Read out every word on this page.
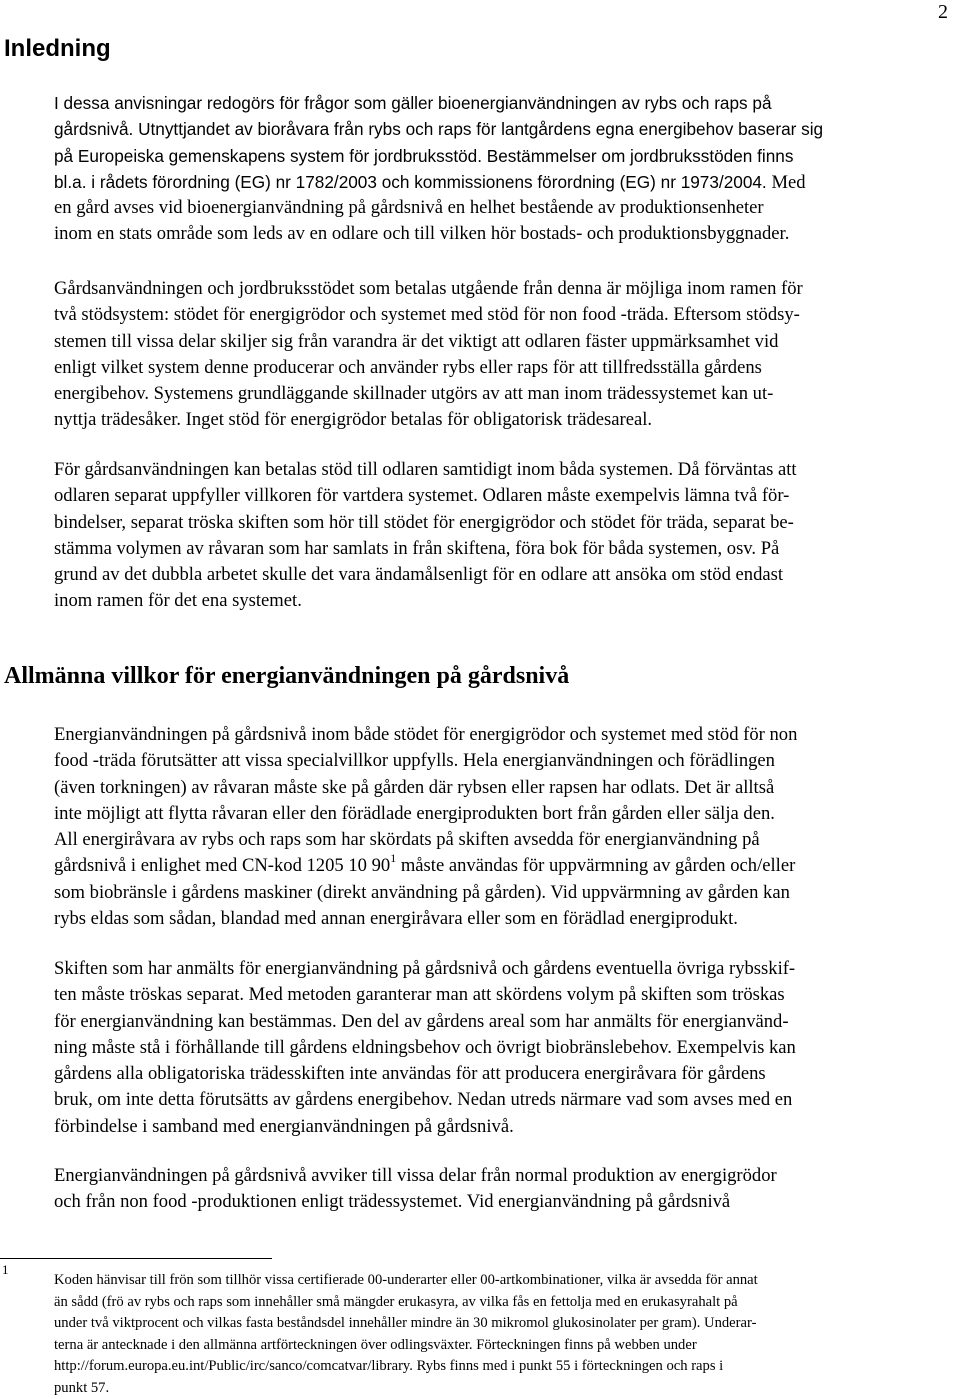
2
Inledning
I dessa anvisningar redogörs för frågor som gäller bioenergianvändningen av rybs och raps på
gårdsnivå. Utnyttjandet av bioråvara från rybs och raps för lantgårdens egna energibehov baserar sig
på Europeiska gemenskapens system för jordbruksstöd. Bestämmelser om jordbruksstöden finns
bl.a. i rådets förordning (EG) nr 1782/2003 och kommissionens förordning (EG) nr 1973/2004. Med
en gård avses vid bioenergianvändning på gårdsnivå en helhet bestående av produktionsenheter
inom en stats område som leds av en odlare och till vilken hör bostads- och produktionsbyggnader.
Gårdsanvändningen och jordbruksstödet som betalas utgående från denna är möjliga inom ramen för
två stödsystem: stödet för energigrödor och systemet med stöd för non food -träda. Eftersom stödsy-
stemen till vissa delar skiljer sig från varandra är det viktigt att odlaren fäster uppmärksamhet vid
enligt vilket system denne producerar och använder rybs eller raps för att tillfredsställa gårdens
energibehov. Systemens grundläggande skillnader utgörs av att man inom trädessystemet kan ut-
nyttja trädesåker. Inget stöd för energigrödor betalas för obligatorisk trädesareal.
För gårdsanvändningen kan betalas stöd till odlaren samtidigt inom båda systemen. Då förväntas att
odlaren separat uppfyller villkoren för vartdera systemet. Odlaren måste exempelvis lämna två för-
bindelser, separat tröska skiften som hör till stödet för energigrödor och stödet för träda, separat be-
stämma volymen av råvaran som har samlats in från skiftena, föra bok för båda systemen, osv. På
grund av det dubbla arbetet skulle det vara ändamålsenligt för en odlare att ansöka om stöd endast
inom ramen för det ena systemet.
Allmänna villkor för energianvändningen på gårdsnivå
Energianvändningen på gårdsnivå inom både stödet för energigrödor och systemet med stöd för non
food -träda förutsätter att vissa specialvillkor uppfylls. Hela energianvändningen och förädlingen
(även torkningen) av råvaran måste ske på gården där rybsen eller rapsen har odlats. Det är alltså
inte möjligt att flytta råvaran eller den förädlade energiprodukten bort från gården eller sälja den.
All energiråvara av rybs och raps som har skördats på skiften avsedda för energianvändning på
gårdsnivå i enlighet med CN-kod 1205 10 $90^1$ måste användas för uppvärmning av gården och/eller
som biobränsle i gårdens maskiner (direkt användning på gården). Vid uppvärmning av gården kan
rybs eldas som sådan, blandad med annan energiråvara eller som en förädlad energiprodukt.
Skiften som har anmälts för energianvändning på gårdsnivå och gårdens eventuella övriga rybsskif-
ten måste tröskas separat. Med metoden garanterar man att skördens volym på skiften som tröskas
för energianvändning kan bestämmas. Den del av gårdens areal som har anmälts för energianvänd-
ning måste stå i förhållande till gårdens eldningsbehov och övrigt biobränslebehov. Exempelvis kan
gårdens alla obligatoriska trädesskiften inte användas för att producera energiråvara för gårdens
bruk, om inte detta förutsätts av gårdens energibehov. Nedan utreds närmare vad som avses med en
förbindelse i samband med energianvändningen på gårdsnivå.
Energianvändningen på gårdsnivå avviker till vissa delar från normal produktion av energigrödor
och från non food -produktionen enligt trädessystemet. Vid energianvändning på gårdsnivå
1
Koden hänvisar till frön som tillhör vissa certifierade 00-underarter eller 00-artkombinationer, vilka är avsedda för annat
än sådd (frö av rybs och raps som innehåller små mängder erukasyra, av vilka fås en fettolja med en erukasyrahalt på
under två viktprocent och vilkas fasta beståndsdel innehåller mindre än 30 mikromol glukosinolater per gram). Underar-
terna är antecknade i den allmänna artförteckningen över odlingsväxter. Förteckningen finns på webben under
http://forum.europa.eu.int/Public/irc/sanco/comcatvar/library. Rybs finns med i punkt 55 i förteckningen och raps i
punkt 57.
